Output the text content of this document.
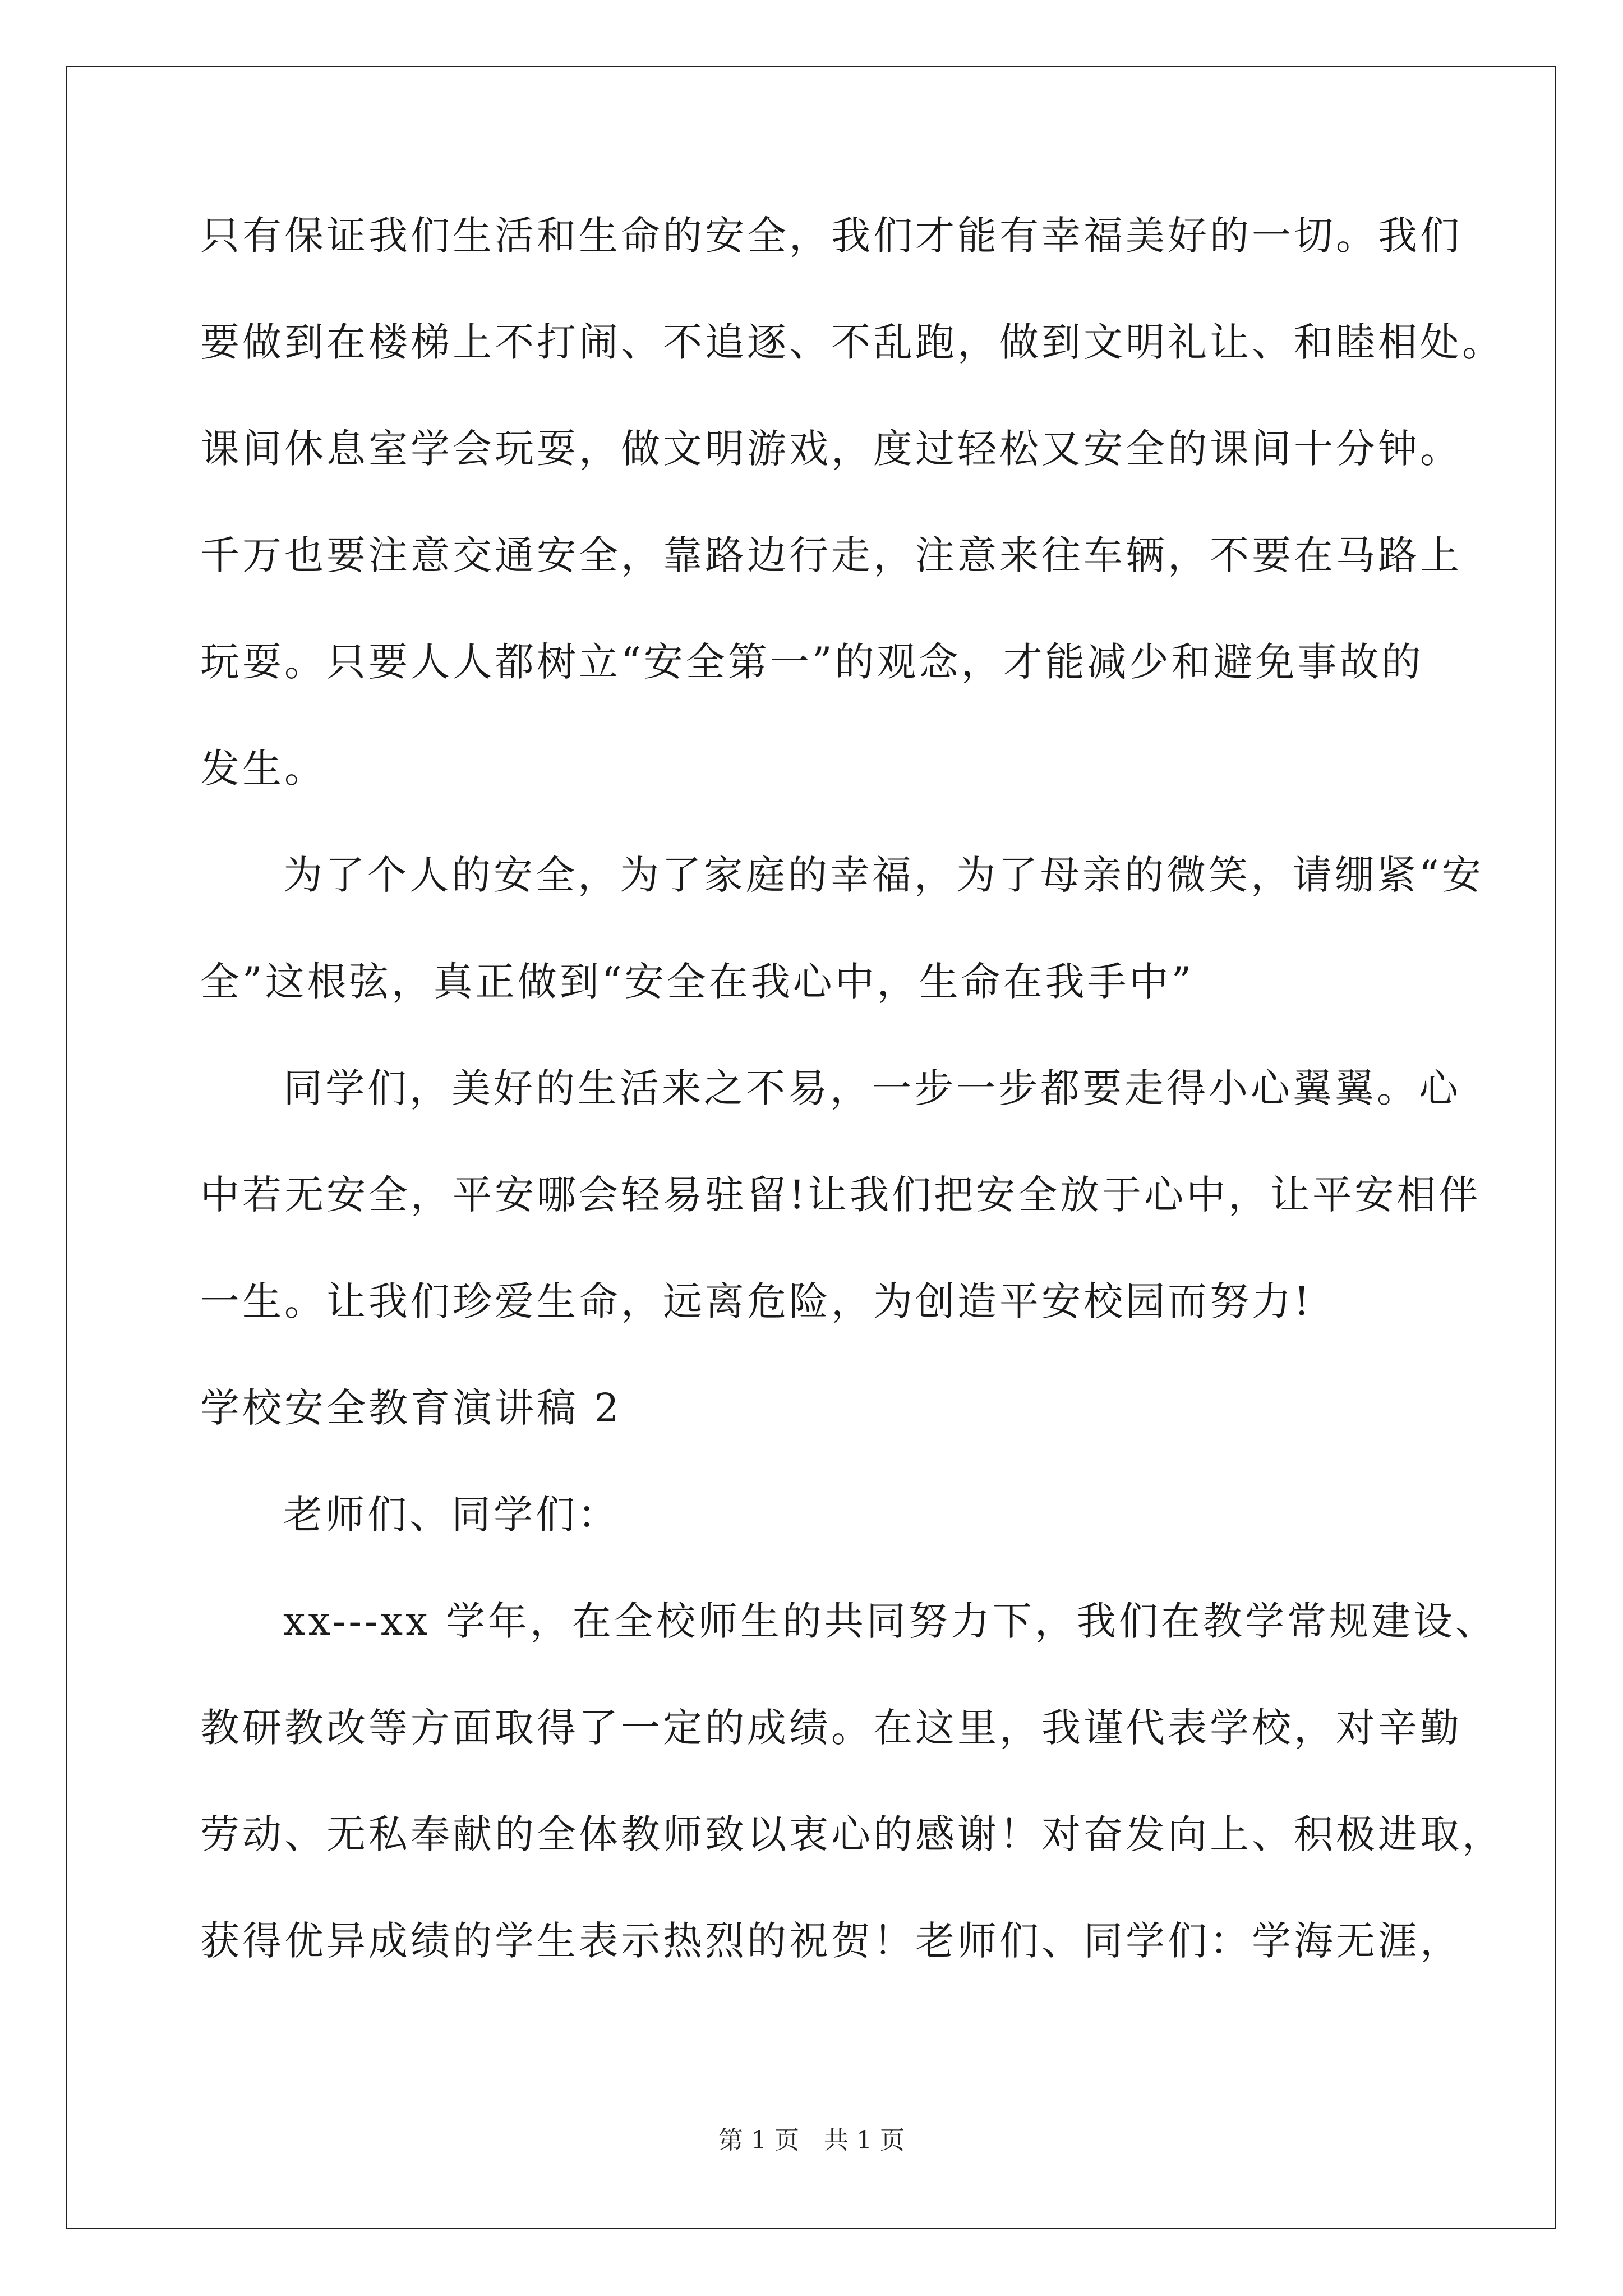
只有保证我们生活和生命的安全，我们才能有幸福美好的一切。我们
要做到在楼梯上不打闹、不追逐、不乱跑，做到文明礼让、和睦相处。
课间休息室学会玩耍，做文明游戏，度过轻松又安全的课间十分钟。
千万也要注意交通安全，靠路边行走，注意来往车辆，不要在马路上
玩耍。只要人人都树立“安全第一”的观念，才能减少和避免事故的
发生。
为了个人的安全，为了家庭的幸福，为了母亲的微笑，请绷紧“安
全”这根弦，真正做到“安全在我心中，生命在我手中”
同学们，美好的生活来之不易，一步一步都要走得小心翼翼。心
中若无安全，平安哪会轻易驻留!让我们把安全放于心中，让平安相伴
一生。让我们珍爱生命，远离危险，为创造平安校园而努力!
学校安全教育演讲稿 2
老师们、同学们：
xx---xx 学年，在全校师生的共同努力下，我们在教学常规建设、
教研教改等方面取得了一定的成绩。在这里，我谨代表学校，对辛勤
劳动、无私奉献的全体教师致以衷心的感谢！对奋发向上、积极进取，
获得优异成绩的学生表示热烈的祝贺！老师们、同学们：学海无涯，
第 1 页　共 1 页
